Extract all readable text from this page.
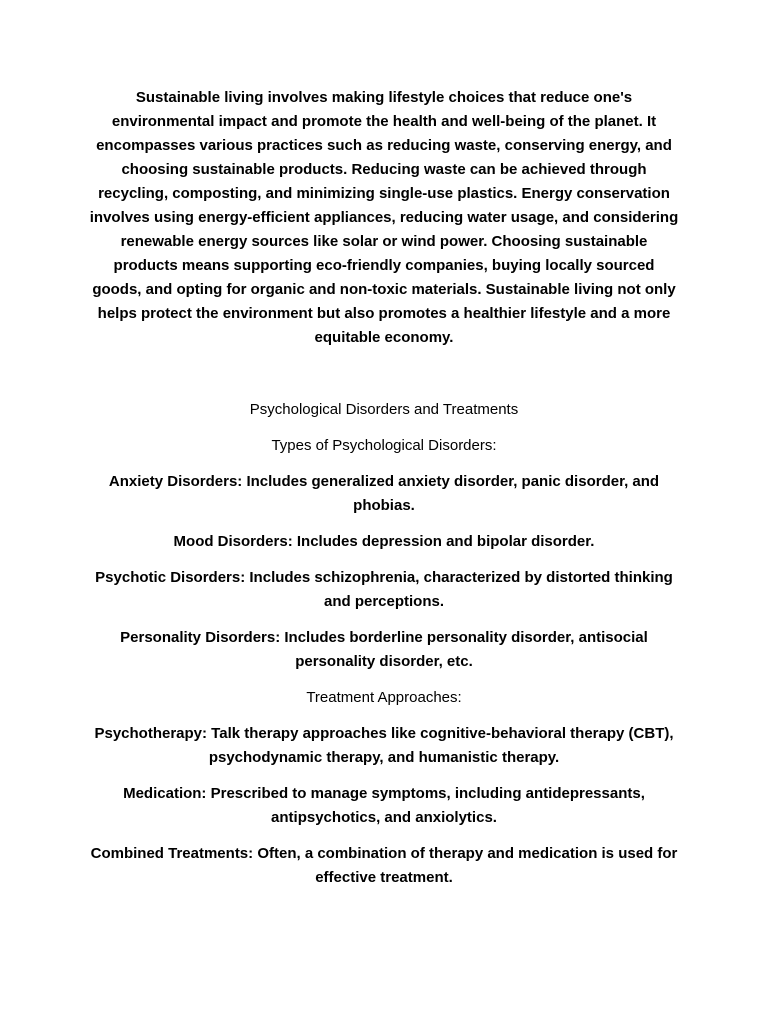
Sustainable living involves making lifestyle choices that reduce one's environmental impact and promote the health and well-being of the planet. It encompasses various practices such as reducing waste, conserving energy, and choosing sustainable products. Reducing waste can be achieved through recycling, composting, and minimizing single-use plastics. Energy conservation involves using energy-efficient appliances, reducing water usage, and considering renewable energy sources like solar or wind power. Choosing sustainable products means supporting eco-friendly companies, buying locally sourced goods, and opting for organic and non-toxic materials. Sustainable living not only helps protect the environment but also promotes a healthier lifestyle and a more equitable economy.

Psychological Disorders and Treatments

Types of Psychological Disorders:

Anxiety Disorders: Includes generalized anxiety disorder, panic disorder, and phobias.

Mood Disorders: Includes depression and bipolar disorder.

Psychotic Disorders: Includes schizophrenia, characterized by distorted thinking and perceptions.

Personality Disorders: Includes borderline personality disorder, antisocial personality disorder, etc.

Treatment Approaches:

Psychotherapy: Talk therapy approaches like cognitive-behavioral therapy (CBT), psychodynamic therapy, and humanistic therapy.

Medication: Prescribed to manage symptoms, including antidepressants, antipsychotics, and anxiolytics.

Combined Treatments: Often, a combination of therapy and medication is used for effective treatment.
